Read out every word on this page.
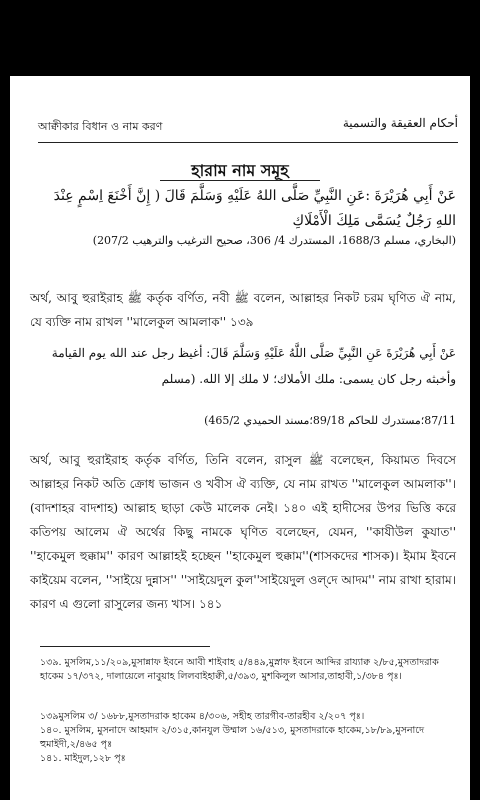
আক্বীকার বিধান ও নাম করণ	أحكام العقيقة والتسمية
হারাম নাম সমূহ
عَنْ أَبِي هُرَيْرَةَ :عَنِ النَّبِيِّ صَلَّى اللهُ عَلَيْهِ وَسَلَّمَ قَالَ ( إِنَّ أَخْنَعَ اِسْمٍ عِنْدَ اللهِ رَجُلٌ يُسَمَّى مَلِكَ الْأَمْلَاكِ
(البخاري، مسلم 1688/3، المستدرك 4/ 306، صحيح الترغيب والترهيب 207/2)
অর্থ, আবু হুরাইরাহ ﷺ কর্তৃক বর্ণিত, নবী ﷺ বলেন, আল্লাহর নিকট চরম ঘৃণিত ঐ নাম, যে ব্যক্তি নাম রাখল ''মালেকুল আমলাক'' ১৩৯
عَنْ أَبِي هُرَيْرَةَ عَنِ النَّبِيِّ صَلَّى اللَّهُ عَلَيْهِ وَسَلَّمَ قَالَ: أغيظ رجل عند الله يوم القيامة وأخبثه رجل كان يسمى: ملك الأملاك؛ لا ملك إلا الله. (مسلم
87/11؛مستدرك للحاكم 89/18؛مسند الحميدي 465/2)
অর্থ, আবু হুরাইরাহ কর্তৃক বর্ণিত, তিনি বলেন, রাসুল ﷺ বলেছেন, কিয়ামত দিবসে আল্লাহর নিকট অতি ক্রোধ ভাজন ও খবীস ঐ ব্যক্তি, যে নাম রাখত ''মালেকুল আমলাক''। (বাদশাহর বাদশাহ) আল্লাহ ছাড়া কেউ মালেক নেই। ১৪০ এই হাদীসের উপর ভিত্তি করে কতিপয় আলেম ঐ অর্থের কিছু নামকে ঘৃণিত বলেছেন, যেমন, ''কাযীউল কুযাত'' ''হাকেমুল হুক্কাম'' কারণ আল্লাহই হচ্ছেন ''হাকেমুল হুক্কাম''(শাসকদের শাসক)। ইমাম ইবনে কাইয়েম বলেন, ''সাইয়ে দুন্নাস'' ''সাইয়েদুল কুল''সাইয়েদুল ওল্‌দে আদম'' নাম রাখা হারাম। কারণ এ গুলো রাসুলের জন্য খাস। ১৪১
১৩৯. মুসলিম,১১/২০৯,মুসান্নাফ ইবনে আবী শাইবাহ ৫/৪৪৯,মুস্নাফ ইবনে আব্দির রায্যাক্ব ২/৮৫,মুসতাদরাক হাকেম ১৭/৩৭২, দালায়েলে নাবুয়াহ লিলবাইহাক্বী,৫/৩৯৩, মুশকিলুল আসার,তাহাবী,১/৩৮৪ পৃঃ।
১৩৯মুসলিম ৩/ ১৬৮৮,মুসতাদরাক হাকেম ৪/৩০৬, সহীহ তারগীব-তারহীব ২/২০৭ পৃঃ।
১৪০. মুসলিম, মুসনাদে আহমাদ ২/৩১৫,কানযুল উম্মাল ১৬/৫১৩, মুসতাদরাকে হাকেম,১৮/৮৯,মুসনাদে হুমাইদী,২/৪৬৫ পৃঃ
১৪১. মাইদুল,১২৮ পৃঃ
